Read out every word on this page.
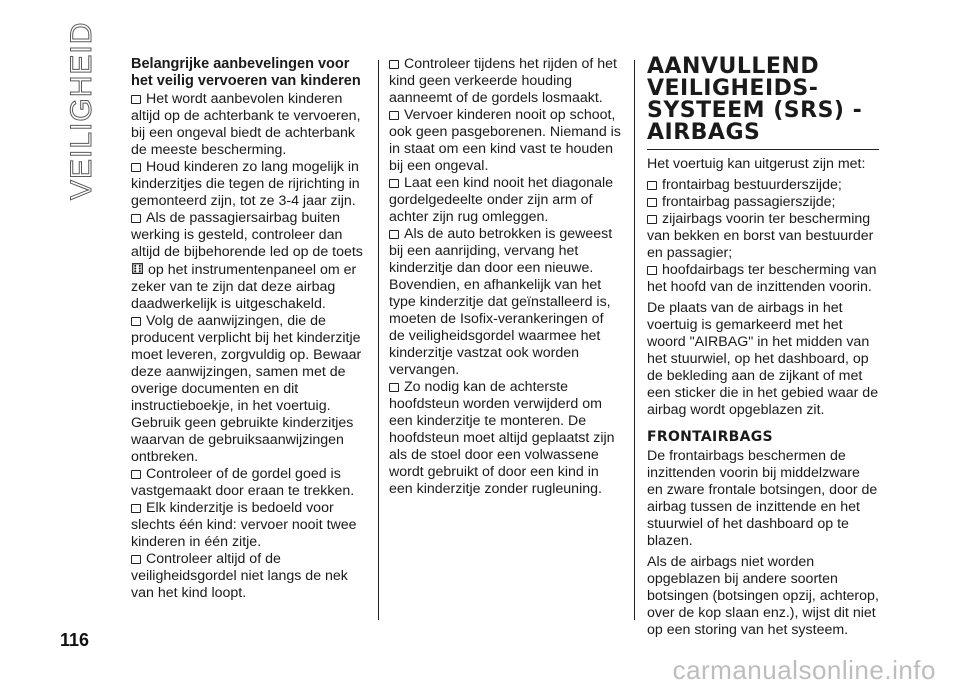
VEILIGHEID Belangrijke aanbevelingen voor het veilig vervoeren van kinderen

Het wordt aanbevolen kinderen altijd op de achterbank te vervoeren, bij een ongeval biedt de achterbank de meeste bescherming.

Houd kinderen zo lang mogelijk in kinderzitjes die tegen de rijrichting in gemonteerd zijn, tot ze 3-4 jaar zijn.

Als de passagiersairbag buiten werking is gesteld, controleer dan altijd de bijbehorende led op de toets
⚅ op het instrumentenpaneel om er zeker van te zijn dat deze airbag daadwerkelijk is uitgeschakeld.

Volg de aanwijzingen, die de producent verplicht bij het kinderzitje moet leveren, zorgvuldig op. Bewaar deze aanwijzingen, samen met de overige documenten en dit instructieboekje, in het voertuig. Gebruik geen gebruikte kinderzitjes waarvan de gebruiksaanwijzingen ontbreken.

Controleer of de gordel goed is vastgemaakt door eraan te trekken.

Elk kinderzitje is bedoeld voor slechts één kind: vervoer nooit twee kinderen in één zitje.

Controleer altijd of de veiligheidsgordel niet langs de nek van het kind loopt.

Controleer tijdens het rijden of het kind geen verkeerde houding aanneemt of de gordels losmaakt.

Vervoer kinderen nooit op schoot, ook geen pasgeborenen. Niemand is in staat om een kind vast te houden bij een ongeval.

Laat een kind nooit het diagonale gordelgedeelte onder zijn arm of achter zijn rug omleggen.

Als de auto betrokken is geweest bij een aanrijding, vervang het kinderzitje dan door een nieuwe. Bovendien, en afhankelijk van het type kinderzitje dat geïnstalleerd is, moeten de Isofix-verankeringen of de veiligheidsgordel waarmee het kinderzitje vastzat ook worden vervangen.

Zo nodig kan de achterste hoofdsteun worden verwijderd om een kinderzitje te monteren. De hoofdsteun moet altijd geplaatst zijn als de stoel door een volwassene wordt gebruikt of door een kind in een kinderzitje zonder rugleuning.

AANVULLEND VEILIGHEIDS-SYSTEEM (SRS) - AIRBAGS

Het voertuig kan uitgerust zijn met:

frontairbag bestuurderszijde;

frontairbag passagierszijde;

zijairbags voorin ter bescherming van bekken en borst van bestuurder en passagier;

hoofdairbags ter bescherming van het hoofd van de inzittenden voorin.

De plaats van de airbags in het voertuig is gemarkeerd met het woord "AIRBAG" in het midden van het stuurwiel, op het dashboard, op de bekleding aan de zijkant of met een sticker die in het gebied waar de airbag wordt opgeblazen zit.

FRONTAIRBAGS

De frontairbags beschermen de inzittenden voorin bij middelzware en zware frontale botsingen, door de airbag tussen de inzittende en het stuurwiel of het dashboard op te blazen.

Als de airbags niet worden opgeblazen bij andere soorten botsingen (botsingen opzij, achterop, over de kop slaan enz.), wijst dit niet op een storing van het systeem.

116
carmanualsonline.info
